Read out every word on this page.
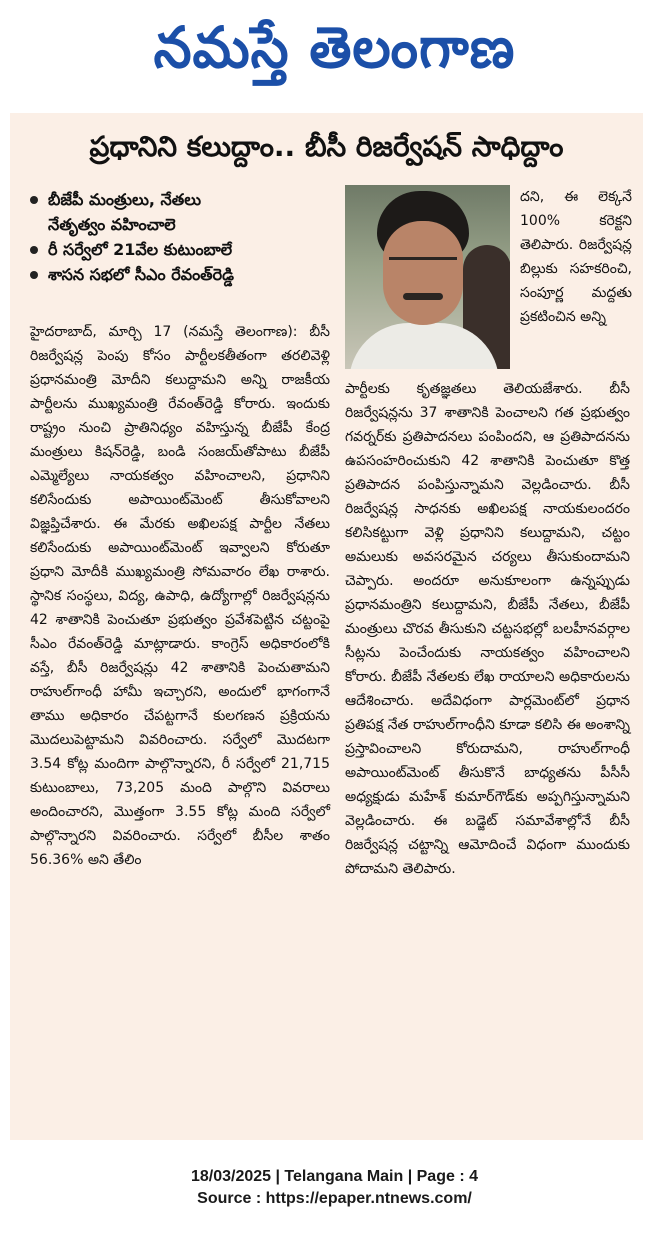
నమస్తే తెలంగాణ
ప్రధానిని కలుద్దాం.. బీసీ రిజర్వేషన్ సాధిద్దాం
బీజేపీ మంత్రులు, నేతలు
నేతృత్వం వహించాలె
రీ సర్వేలో 21వేల కుటుంబాలే
శాసన సభలో సీఎం రేవంత్‌రెడ్డి

దని, ఈ లెక్కనే 100% కరెక్టని తెలిపారు. రిజర్వేషన్ల బిల్లుకు సహకరించి, సంపూర్ణ మద్దతు ప్రకటించిన అన్ని

హైదరాబాద్, మార్చి 17 (నమస్తే తెలంగాణ): బీసీ రిజర్వేషన్ల పెంపు కోసం పార్టీలకతీతంగా తరలివెళ్లి ప్రధానమంత్రి మోదీని కలుద్దామని అన్ని రాజకీయ పార్టీలను ముఖ్యమంత్రి రేవంత్‌రెడ్డి కోరారు. ఇందుకు రాష్ట్రం నుంచి ప్రాతినిధ్యం వహిస్తున్న బీజేపీ కేంద్ర మంత్రులు కిషన్‌రెడ్డి, బండి సంజయ్‌తోపాటు బీజేపీ ఎమ్మెల్యేలు నాయకత్వం వహించాలని, ప్రధానిని కలిసేందుకు అపాయింట్‌మెంట్ తీసుకోవాలని విజ్ఞప్తిచేశారు. ఈ మేరకు అఖిలపక్ష పార్టీల నేతలు కలిసేందుకు అపాయింట్‌మెంట్ ఇవ్వాలని కోరుతూ ప్రధాని మోదీకి ముఖ్యమంత్రి సోమవారం లేఖ రాశారు. స్థానిక సంస్థలు, విద్య, ఉపాధి, ఉద్యోగాల్లో రిజర్వేషన్లను 42 శాతానికి పెంచుతూ ప్రభుత్వం ప్రవేశపెట్టిన చట్టంపై సీఎం రేవంత్‌రెడ్డి మాట్లాడారు. కాంగ్రెస్ అధికారంలోకి వస్తే, బీసీ రిజర్వేషన్లు 42 శాతానికి పెంచుతామని రాహుల్‌గాంధీ హామీ ఇచ్చారని, అందులో భాగంగానే తాము అధికారం చేపట్టగానే కులగణన ప్రక్రియను మొదలుపెట్టామని వివరించారు. సర్వేలో మొదటగా 3.54 కోట్ల మందిగా పాల్గొన్నారని, రీ సర్వేలో 21,715 కుటుంబాలు, 73,205 మంది పాల్గొని వివరాలు అందించారని, మొత్తంగా 3.55 కోట్ల మంది సర్వేలో పాల్గొన్నారని వివరించారు. సర్వేలో బీసీల శాతం 56.36% అని తేలిం

పార్టీలకు కృతజ్ఞతలు తెలియజేశారు. బీసీ రిజర్వేషన్లను 37 శాతానికి పెంచాలని గత ప్రభుత్వం గవర్నర్‌కు ప్రతిపాదనలు పంపిందని, ఆ ప్రతిపాదనను ఉపసంహరించుకుని 42 శాతానికి పెంచుతూ కొత్త ప్రతిపాదన పంపిస్తున్నామని వెల్లడించారు. బీసీ రిజర్వేషన్ల సాధనకు అఖిలపక్ష నాయకులందరం కలిసికట్టుగా వెళ్లి ప్రధానిని కలుద్దామని, చట్టం అమలుకు అవసరమైన చర్యలు తీసుకుందామని చెప్పారు. అందరూ అనుకూలంగా ఉన్నప్పుడు ప్రధానమంత్రిని కలుద్దామని, బీజేపీ నేతలు, బీజేపీ మంత్రులు చొరవ తీసుకుని చట్టసభల్లో బలహీనవర్గాల సీట్లను పెంచేందుకు నాయకత్వం వహించాలని కోరారు. బీజేపీ నేతలకు లేఖ రాయాలని అధికారులను ఆదేశించారు. అదేవిధంగా పార్లమెంట్‌లో ప్రధాన ప్రతిపక్ష నేత రాహుల్‌గాంధీని కూడా కలిసి ఈ అంశాన్ని ప్రస్తావించాలని కోరుదామని, రాహుల్‌గాంధీ అపాయింట్‌మెంట్ తీసుకొనే బాధ్యతను పీసీసీ అధ్యక్షుడు మహేశ్ కుమార్‌గౌడ్‌కు అప్పగిస్తున్నామని వెల్లడించారు. ఈ బడ్జెట్ సమావేశాల్లోనే బీసీ రిజర్వేషన్ల చట్టాన్ని ఆమోదించే విధంగా ముందుకు పోదామని తెలిపారు.

18/03/2025 | Telangana Main | Page : 4
Source : https://epaper.ntnews.com/
